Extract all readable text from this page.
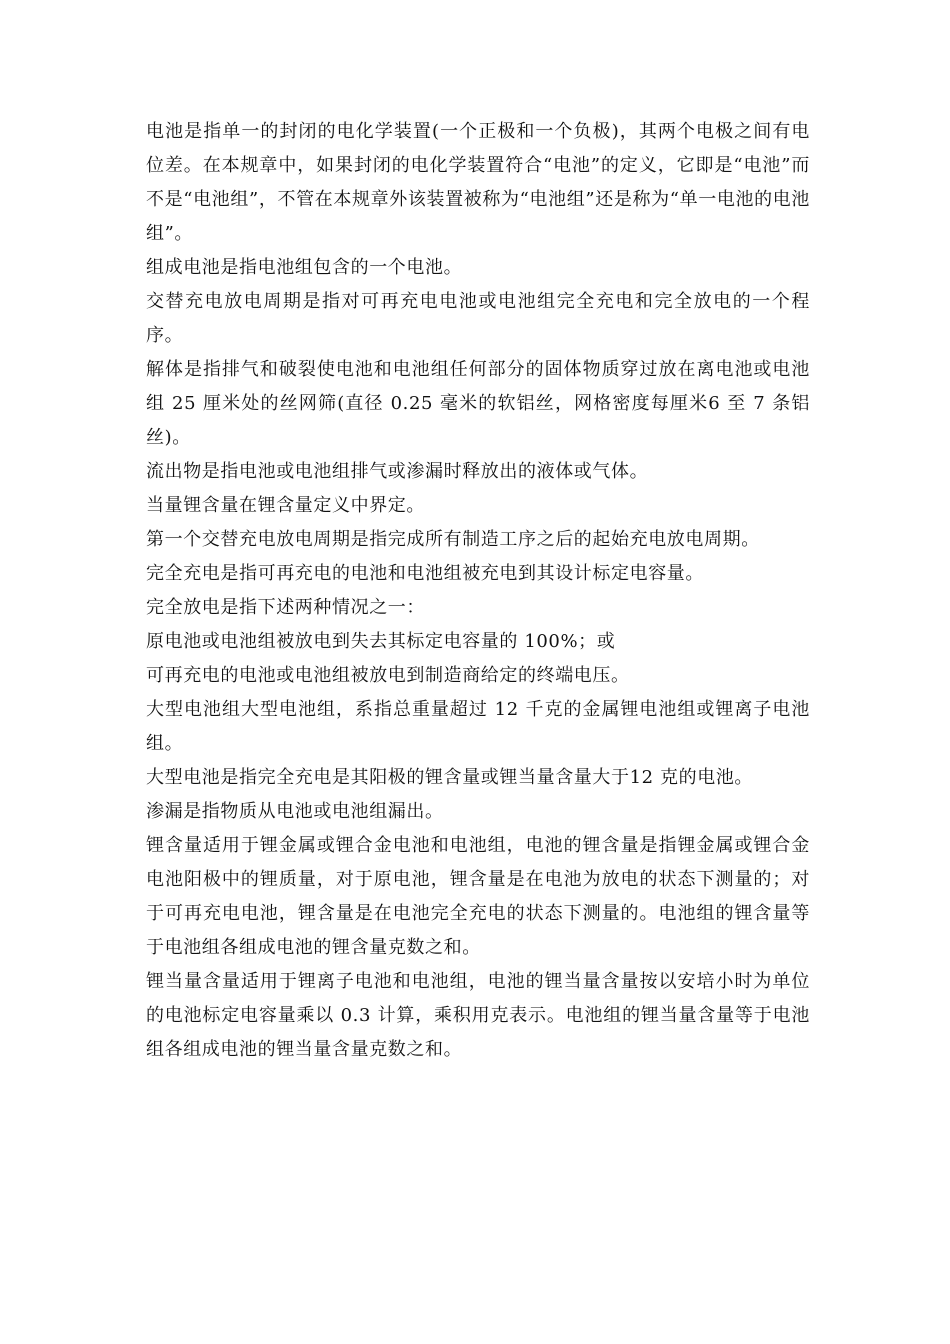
电池是指单一的封闭的电化学装置(一个正极和一个负极)，其两个电极之间有电位差。在本规章中，如果封闭的电化学装置符合“电池”的定义，它即是“电池”而不是“电池组”，不管在本规章外该装置被称为“电池组”还是称为“单一电池的电池组”。

组成电池是指电池组包含的一个电池。

交替充电放电周期是指对可再充电电池或电池组完全充电和完全放电的一个程序。

解体是指排气和破裂使电池和电池组任何部分的固体物质穿过放在离电池或电池组 25 厘米处的丝网筛(直径 0.25 毫米的软铝丝，网格密度每厘米6 至 7 条铝丝)。

流出物是指电池或电池组排气或渗漏时释放出的液体或气体。

当量锂含量在锂含量定义中界定。

第一个交替充电放电周期是指完成所有制造工序之后的起始充电放电周期。

完全充电是指可再充电的电池和电池组被充电到其设计标定电容量。

完全放电是指下述两种情况之一：

原电池或电池组被放电到失去其标定电容量的 100%；或

可再充电的电池或电池组被放电到制造商给定的终端电压。

大型电池组大型电池组，系指总重量超过 12 千克的金属锂电池组或锂离子电池组。

大型电池是指完全充电是其阳极的锂含量或锂当量含量大于12 克的电池。

渗漏是指物质从电池或电池组漏出。

锂含量适用于锂金属或锂合金电池和电池组，电池的锂含量是指锂金属或锂合金电池阳极中的锂质量，对于原电池，锂含量是在电池为放电的状态下测量的；对于可再充电电池，锂含量是在电池完全充电的状态下测量的。电池组的锂含量等于电池组各组成电池的锂含量克数之和。

锂当量含量适用于锂离子电池和电池组，电池的锂当量含量按以安培小时为单位的电池标定电容量乘以 0.3 计算，乘积用克表示。电池组的锂当量含量等于电池组各组成电池的锂当量含量克数之和。
